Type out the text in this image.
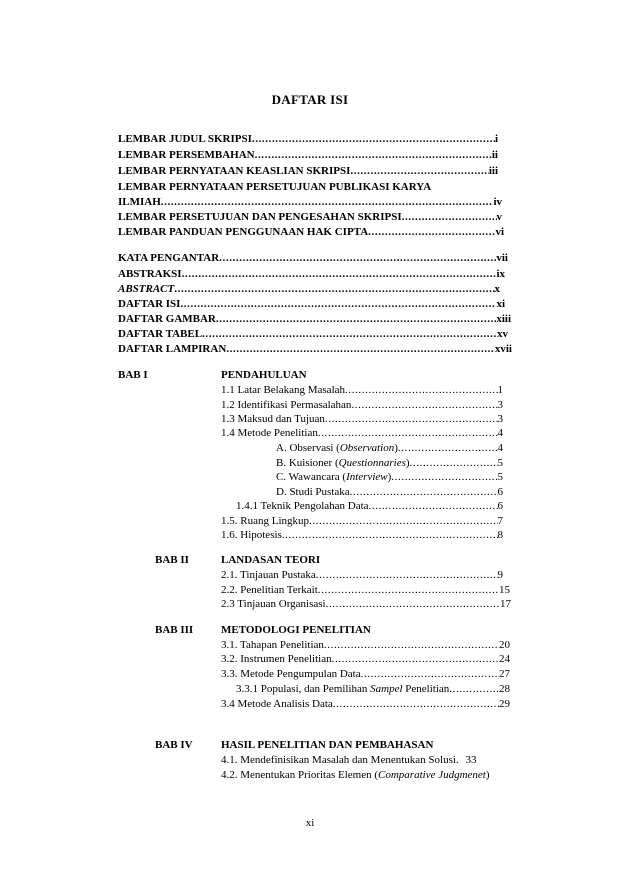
DAFTAR ISI
LEMBAR JUDUL SKRIPSI .....	i
LEMBAR PERSEMBAHAN .....	ii
LEMBAR PERNYATAAN KEASLIAN SKRIPSI .....	iii
LEMBAR PERNYATAAN PERSETUJUAN PUBLIKASI KARYA
ILMIAH .....	iv
LEMBAR PERSETUJUAN DAN PENGESAHAN SKRIPSI .....	v
LEMBAR PANDUAN PENGGUNAAN HAK CIPTA .....	vi
KATA PENGANTAR .....	vii
ABSTRAKSI .....	ix
ABSTRACT .....	x
DAFTAR ISI .....	xi
DAFTAR GAMBAR .....	xiii
DAFTAR TABEL .....	xv
DAFTAR LAMPIRAN .....	xvii
BAB I	PENDAHULUAN
1.1 Latar Belakang Masalah .....	1
1.2 Identifikasi Permasalahan .....	3
1.3 Maksud dan Tujuan .....	3
1.4 Metode Penelitian .....	4
A. Observasi (Observation) .....	4
B. Kuisioner (Questionnaries) .....	5
C. Wawancara (Interview) .....	5
D. Studi Pustaka .....	6
1.4.1 Teknik Pengolahan Data .....	6
1.5. Ruang Lingkup .....	7
1.6. Hipotesis .....	8
BAB II	LANDASAN TEORI
2.1. Tinjauan Pustaka .....	9
2.2. Penelitian Terkait .....	15
2.3 Tinjauan Organisasi .....	17
BAB III	METODOLOGI PENELITIAN
3.1. Tahapan Penelitian .....	20
3.2. Instrumen Penelitian .....	24
3.3. Metode Pengumpulan Data .....	27
3.3.1 Populasi, dan Pemilihan Sampel Penelitian .....	28
3.4 Metode Analisis Data .....	29
BAB IV	HASIL PENELITIAN DAN PEMBAHASAN
4.1. Mendefinisikan Masalah dan Menentukan Solusi. 33
4.2. Menentukan Prioritas Elemen (Comparative Judgmenet)
xi
